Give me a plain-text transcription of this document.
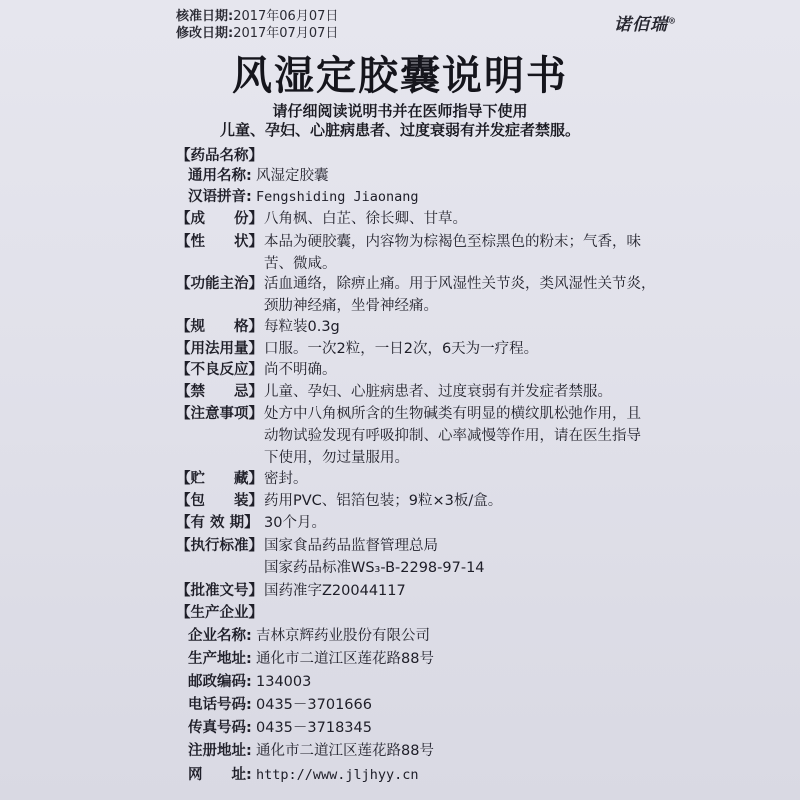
核准日期: 2017年06月07日
修改日期: 2017年07月07日	诺佰瑞®
风湿定胶囊说明书
请仔细阅读说明书并在医师指导下使用
儿童、孕妇、心脏病患者、过度衰弱有并发症者禁服。
【药品名称】
通用名称: 风湿定胶囊
汉语拼音: Fengshiding Jiaonang
【成　　份】 八角枫、白芷、徐长卿、甘草。
【性　　状】 本品为硬胶囊，内容物为棕褐色至棕黑色的粉末；气香，味
苦、微咸。
【功能主治】 活血通络，除痹止痛。用于风湿性关节炎，类风湿性关节炎，
颈肋神经痛，坐骨神经痛。
【规　　格】 每粒装0.3g
【用法用量】 口服。一次2粒，一日2次，6天为一疗程。
【不良反应】 尚不明确。
【禁　　忌】 儿童、孕妇、心脏病患者、过度衰弱有并发症者禁服。
【注意事项】 处方中八角枫所含的生物碱类有明显的横纹肌松弛作用，且
动物试验发现有呼吸抑制、心率减慢等作用，请在医生指导
下使用，勿过量服用。
【贮　　藏】 密封。
【包　　装】 药用PVC、铝箔包装；9粒×3板/盒。
【有 效 期】 30个月。
【执行标准】 国家食品药品监督管理总局
国家药品标准WS₃-B-2298-97-14
【批准文号】 国药准字Z20044117
【生产企业】
企业名称: 吉林京辉药业股份有限公司
生产地址: 通化市二道江区莲花路88号
邮政编码: 134003
电话号码: 0435－3701666
传真号码: 0435－3718345
注册地址: 通化市二道江区莲花路88号
网　　址: http://www.jljhyy.cn
